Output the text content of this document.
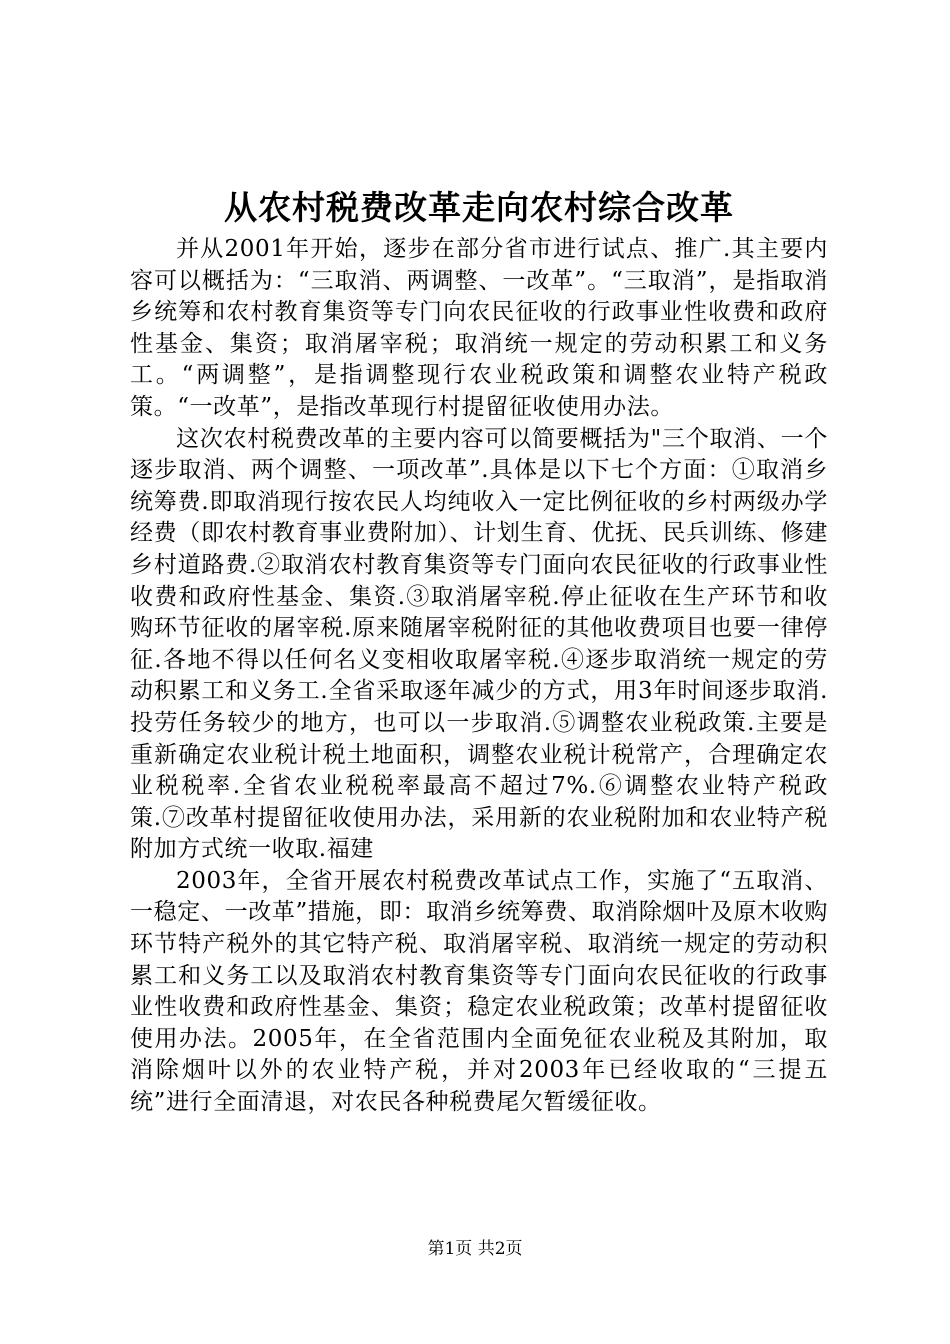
从农村税费改革走向农村综合改革

并从2001年开始，逐步在部分省市进行试点、推广.其主要内容可以概括为：“三取消、两调整、一改革”。“三取消”，是指取消乡统筹和农村教育集资等专门向农民征收的行政事业性收费和政府性基金、集资；取消屠宰税；取消统一规定的劳动积累工和义务工。“两调整”，是指调整现行农业税政策和调整农业特产税政策。“一改革”，是指改革现行村提留征收使用办法。

这次农村税费改革的主要内容可以简要概括为"三个取消、一个逐步取消、两个调整、一项改革”.具体是以下七个方面：①取消乡统筹费.即取消现行按农民人均纯收入一定比例征收的乡村两级办学经费（即农村教育事业费附加）、计划生育、优抚、民兵训练、修建乡村道路费.②取消农村教育集资等专门面向农民征收的行政事业性收费和政府性基金、集资.③取消屠宰税.停止征收在生产环节和收购环节征收的屠宰税.原来随屠宰税附征的其他收费项目也要一律停征.各地不得以任何名义变相收取屠宰税.④逐步取消统一规定的劳动积累工和义务工.全省采取逐年减少的方式，用3年时间逐步取消.投劳任务较少的地方，也可以一步取消.⑤调整农业税政策.主要是重新确定农业税计税土地面积，调整农业税计税常产，合理确定农业税税率.全省农业税税率最高不超过7%.⑥调整农业特产税政策.⑦改革村提留征收使用办法，采用新的农业税附加和农业特产税附加方式统一收取.福建

2003年，全省开展农村税费改革试点工作，实施了“五取消、一稳定、一改革”措施，即：取消乡统筹费、取消除烟叶及原木收购环节特产税外的其它特产税、取消屠宰税、取消统一规定的劳动积累工和义务工以及取消农村教育集资等专门面向农民征收的行政事业性收费和政府性基金、集资；稳定农业税政策；改革村提留征收使用办法。2005年，在全省范围内全面免征农业税及其附加，取消除烟叶以外的农业特产税，并对2003年已经收取的“三提五统”进行全面清退，对农民各种税费尾欠暂缓征收。

第1页 共2页
